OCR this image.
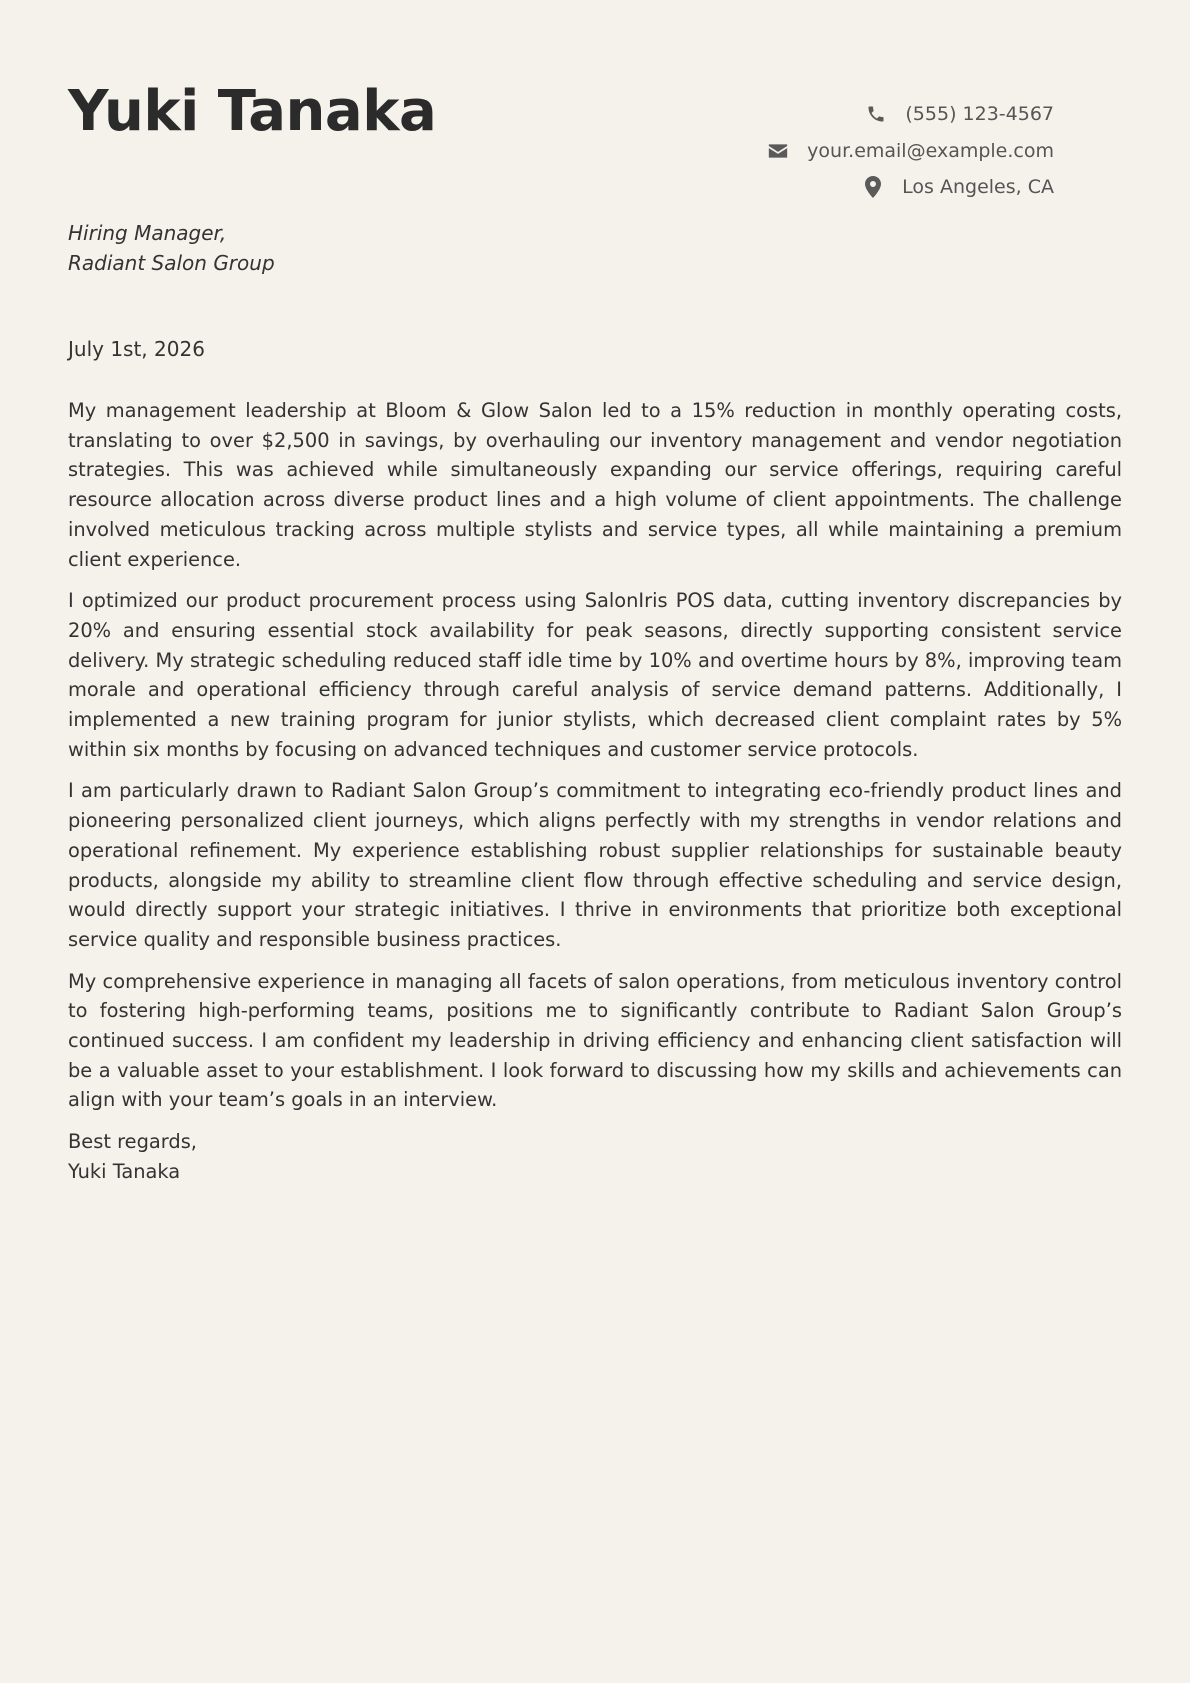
Yuki Tanaka	(555) 123-4567
your.email@example.com
Los Angeles, CA
Hiring Manager,
Radiant Salon Group
July 1st, 2026

My management leadership at Bloom & Glow Salon led to a 15% reduction in monthly operating costs, translating to over $2,500 in savings, by overhauling our inventory management and vendor negotiation strategies. This was achieved while simultaneously expanding our service offerings, requiring careful resource allocation across diverse product lines and a high volume of client appointments. The challenge involved meticulous tracking across multiple stylists and service types, all while maintaining a premium client experience.

I optimized our product procurement process using SalonIris POS data, cutting inventory discrepancies by 20% and ensuring essential stock availability for peak seasons, directly supporting consistent service delivery. My strategic scheduling reduced staff idle time by 10% and overtime hours by 8%, improving team morale and operational efficiency through careful analysis of service demand patterns. Additionally, I implemented a new training program for junior stylists, which decreased client complaint rates by 5% within six months by focusing on advanced techniques and customer service protocols.

I am particularly drawn to Radiant Salon Group’s commitment to integrating eco-friendly product lines and pioneering personalized client journeys, which aligns perfectly with my strengths in vendor relations and operational refinement. My experience establishing robust supplier relationships for sustainable beauty products, alongside my ability to streamline client flow through effective scheduling and service design, would directly support your strategic initiatives. I thrive in environments that prioritize both exceptional service quality and responsible business practices.

My comprehensive experience in managing all facets of salon operations, from meticulous inventory control to fostering high-performing teams, positions me to significantly contribute to Radiant Salon Group’s continued success. I am confident my leadership in driving efficiency and enhancing client satisfaction will be a valuable asset to your establishment. I look forward to discussing how my skills and achievements can align with your team’s goals in an interview.

Best regards,
Yuki Tanaka
